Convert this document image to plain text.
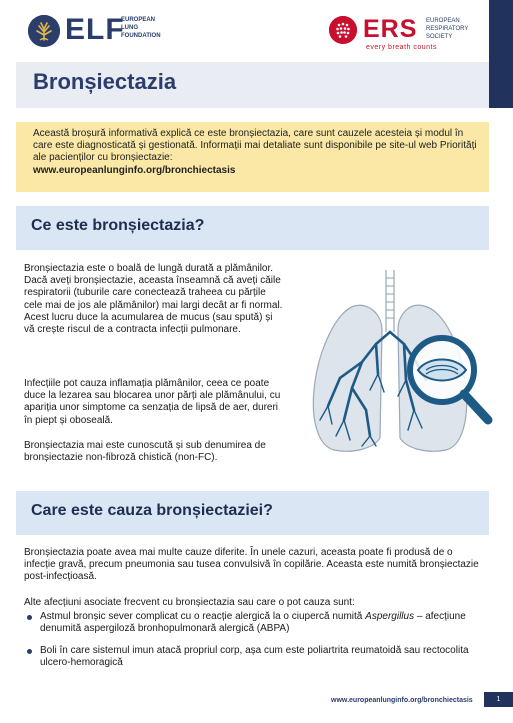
ELF
EUROPEAN
LUNG
FOUNDATION	ERS EUROPEAN
RESPIRATORY
SOCIETY
every breath counts
Bronșiectazia
Această broșură informativă explică ce este bronșiectazia, care sunt cauzele acesteia și modul în care este diagnosticată și gestionată. Informații mai detaliate sunt disponibile pe site-ul web Priorități ale pacienților cu bronșiectazie:
www.europeanlunginfo.org/bronchiectasis
Ce este bronșiectazia?

Bronșiectazia este o boală de lungă durată a plămânilor. Dacă aveți bronșiectazie, aceasta înseamnă că aveți căile respiratorii (tuburile care conectează traheea cu părțile cele mai de jos ale plămânilor) mai largi decât ar fi normal. Acest lucru duce la acumularea de mucus (sau spută) și vă crește riscul de a contracta infecții pulmonare.

Infecțiile pot cauza inflamația plămânilor, ceea ce poate duce la lezarea sau blocarea unor părți ale plămânului, cu apariția unor simptome ca senzația de lipsă de aer, dureri în piept și oboseală.

Bronșiectazia mai este cunoscută și sub denumirea de bronșiectazie non-fibroză chistică (non-FC).

Care este cauza bronșiectaziei?

Bronșiectazia poate avea mai multe cauze diferite. În unele cazuri, aceasta poate fi produsă de o infecție gravă, precum pneumonia sau tusea convulsivă în copilărie. Aceasta este numită bronșiectazie post-infecțioasă.

Alte afecțiuni asociate frecvent cu bronșiectazia sau care o pot cauza sunt:

Astmul bronșic sever complicat cu o reacție alergică la o ciupercă numită Aspergillus – afecțiune denumită aspergiloză bronhopulmonară alergică (ABPA)

Boli în care sistemul imun atacă propriul corp, așa cum este poliartrita reumatoidă sau rectocolita ulcero-hemoragică

www.europeanlunginfo.org/bronchiectasis	1
